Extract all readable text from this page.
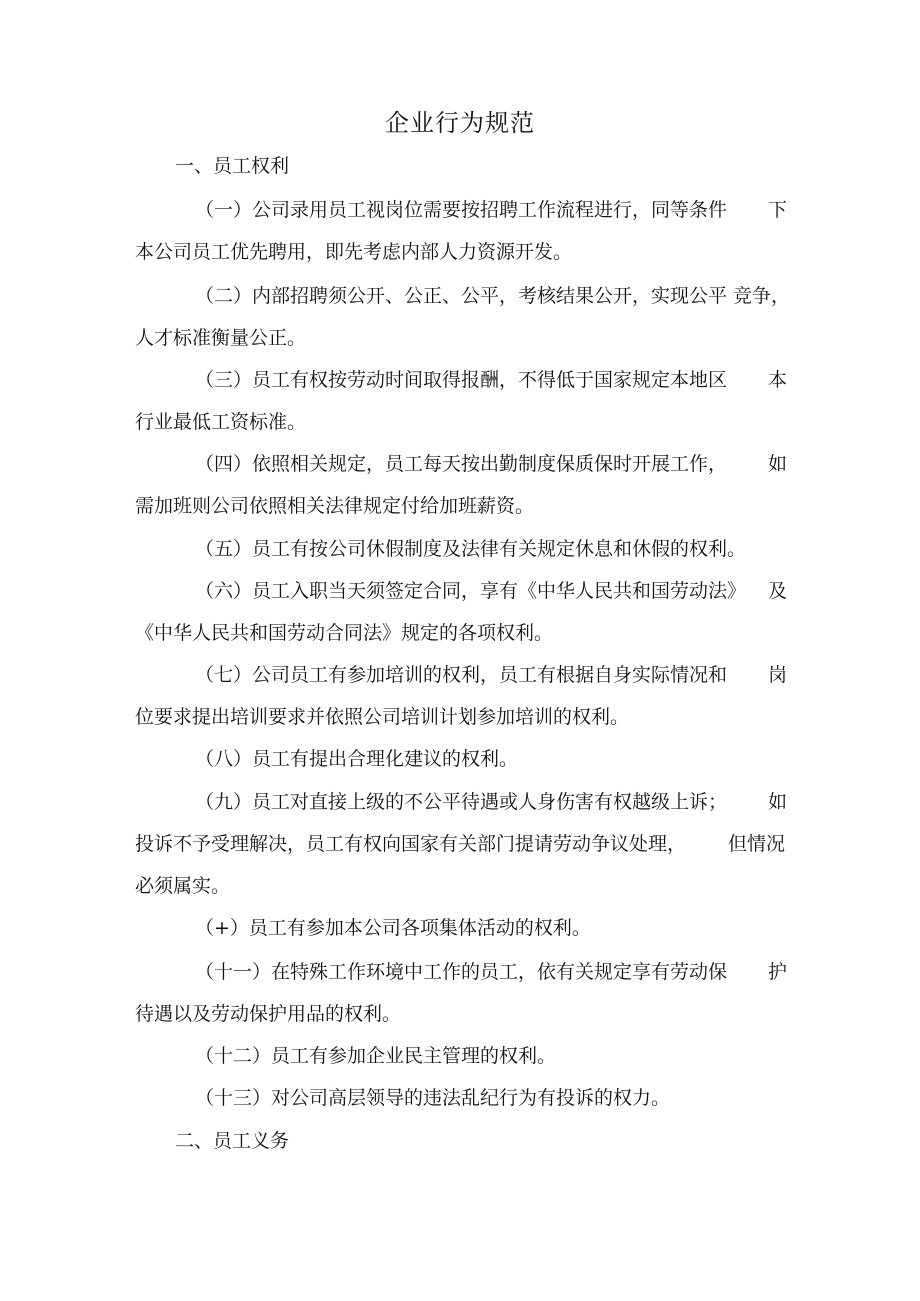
企业行为规范
一、员工权利
（一）公司录用员工视岗位需要按招聘工作流程进行，同等条件 下
本公司员工优先聘用，即先考虑内部人力资源开发。
（二）内部招聘须公开、公正、公平，考核结果公开，实现公平 竞争，
人才标准衡量公正。
（三）员工有权按劳动时间取得报酬，不得低于国家规定本地区 本
行业最低工资标准。
（四）依照相关规定，员工每天按出勤制度保质保时开展工作， 如
需加班则公司依照相关法律规定付给加班薪资。
（五）员工有按公司休假制度及法律有关规定休息和休假的权利。
（六）员工入职当天须签定合同，享有《中华人民共和国劳动法》 及
《中华人民共和国劳动合同法》规定的各项权利。
（七）公司员工有参加培训的权利，员工有根据自身实际情况和 岗
位要求提出培训要求并依照公司培训计划参加培训的权利。
（八）员工有提出合理化建议的权利。
（九）员工对直接上级的不公平待遇或人身伤害有权越级上诉； 如
投诉不予受理解决，员工有权向国家有关部门提请劳动争议处理， 但情况
必须属实。
（+）员工有参加本公司各项集体活动的权利。
（十一）在特殊工作环境中工作的员工，依有关规定享有劳动保 护
待遇以及劳动保护用品的权利。
（十二）员工有参加企业民主管理的权利。
（十三）对公司高层领导的违法乱纪行为有投诉的权力。
二、员工义务
